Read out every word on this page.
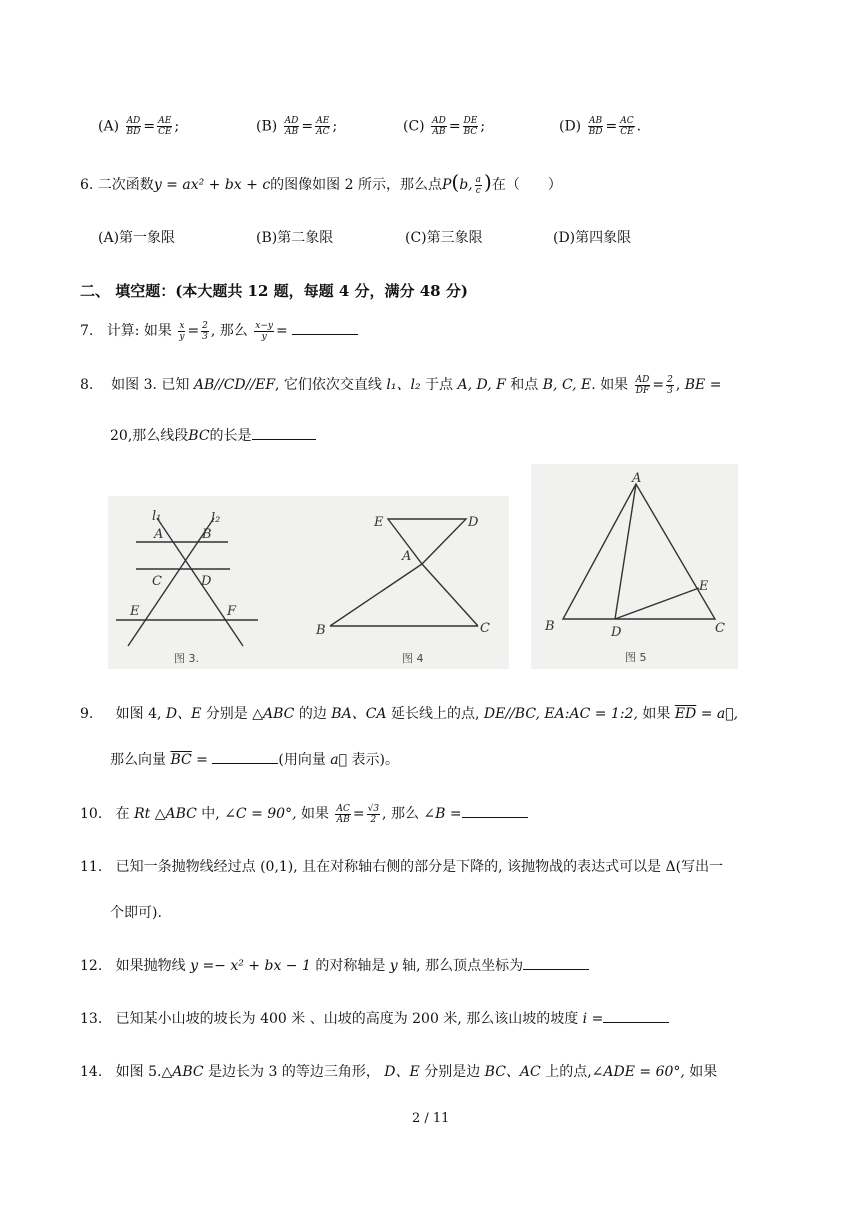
$(A) \frac{AD}{BD} = \frac{AE}{CE}$ ;	$(B) \frac{AD}{AB} = \frac{AE}{AC}$ ;	$(C) \frac{AD}{AB} = \frac{DE}{BC}$ ;	$(D) \frac{AB}{BD} = \frac{AC}{CE}$ .
6. 二次函数y = ax² + bx + c的图像如图 2 所示，那么点P(b, $\frac{a}{c}$ )在（　　）
(A)第一象限	(B)第二象限	(C)第三象限	(D)第四象限
二、 填空题：(本大题共 12 题，每题 4 分，满分 48 分)
7. 计算: 如果 $\frac{x}{y} = \frac{2}{3}$ , 那么 $\frac{x-y}{y}$ =
8. 如图 3. 已知 AB//CD//EF, 它们依次交直线 l₁、l₂ 于点 A, D, F 和点 B, C, E. 如果 $\frac{AD}{DF} = \frac{2}{3}$ , BE =
20,那么线段BC的长是
l₁	l₂
A	B
C	D
E	F
E	D
A
B	C
图 3.	图 4
A
B	C
D
E
图 5
9. 如图 4, D、E 分别是 △ABC 的边 BA、CA 延长线上的点, DE//BC, EA:AC = 1:2, 如果 $\overline{ED}$ = a⃗,
那么向量 $\overline{BC}$ =	(用向量 a⃗ 表示)。
10. 在 Rt △ABC 中, ∠C = 90°, 如果 $\frac{AC}{AB} = \frac{√3}{2}$ , 那么 ∠B =
11. 已知一条抛物线经过点 (0,1), 且在对称轴右侧的部分是下降的, 该抛物战的表达式可以是 Δ(写出一
个即可).
12. 如果抛物线 y =− x² + bx − 1 的对称轴是 y 轴, 那么顶点坐标为
13. 已知某小山坡的坡长为 400 米 、山坡的高度为 200 米, 那么该山坡的坡度 i =
14. 如图 5.△ABC 是边长为 3 的等边三角形， D、E 分别是边 BC、AC 上的点,∠ADE = 60°, 如果
2 / 11
